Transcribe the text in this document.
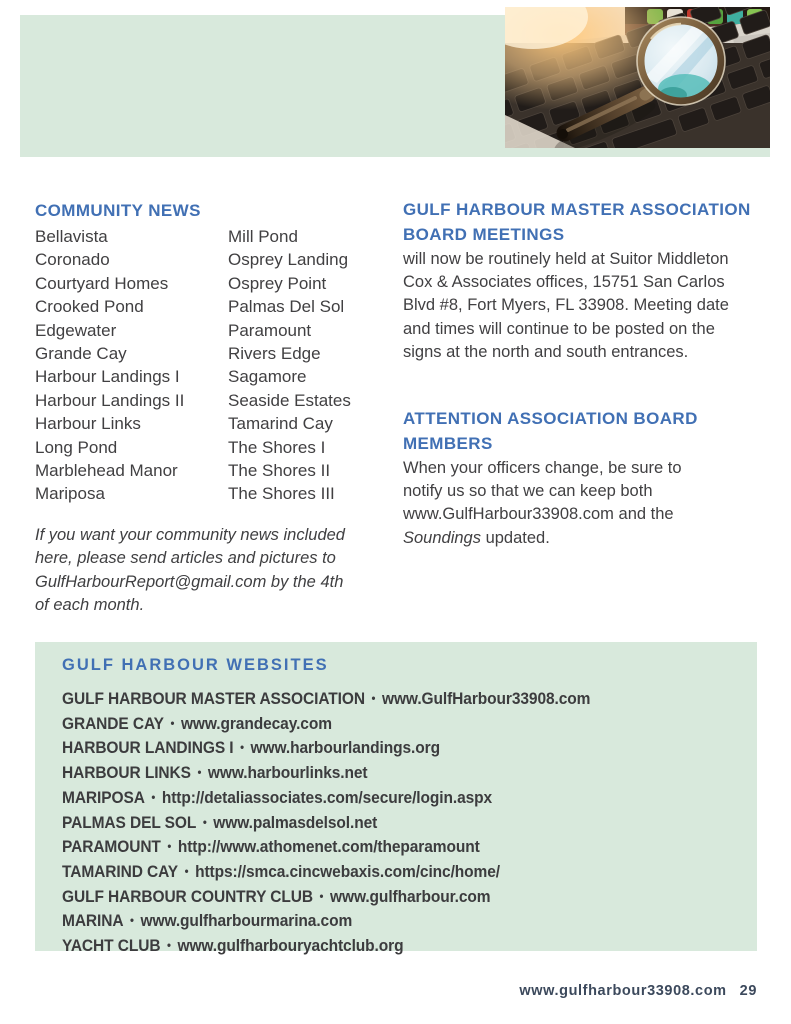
COMMUNITY NEWS
Bellavista
Coronado
Courtyard Homes
Crooked Pond
Edgewater
Grande Cay
Harbour Landings I
Harbour Landings II
Harbour Links
Long Pond
Marblehead Manor
Mariposa
Mill Pond
Osprey Landing
Osprey Point
Palmas Del Sol
Paramount
Rivers Edge
Sagamore
Seaside Estates
Tamarind Cay
The Shores I
The Shores II
The Shores III
If you want your community news included
here, please send articles and pictures to
GulfHarbourReport@gmail.com by the 4th
of each month.
GULF HARBOUR MASTER ASSOCIATION
BOARD MEETINGS
will now be routinely held at Suitor Middleton
Cox & Associates offices, 15751 San Carlos
Blvd #8, Fort Myers, FL 33908. Meeting date
and times will continue to be posted on the
signs at the north and south entrances.
ATTENTION ASSOCIATION BOARD
MEMBERS
When your officers change, be sure to
notify us so that we can keep both
www.GulfHarbour33908.com and the
Soundings updated.
GULF HARBOUR WEBSITES
GULF HARBOUR MASTER ASSOCIATION • www.GulfHarbour33908.com
GRANDE CAY • www.grandecay.com
HARBOUR LANDINGS I • www.harbourlandings.org
HARBOUR LINKS • www.harbourlinks.net
MARIPOSA • http://detaliassociates.com/secure/login.aspx
PALMAS DEL SOL • www.palmasdelsol.net
PARAMOUNT • http://www.athomenet.com/theparamount
TAMARIND CAY • https://smca.cincwebaxis.com/cinc/home/
GULF HARBOUR COUNTRY CLUB • www.gulfharbour.com
MARINA • www.gulfharbourmarina.com
YACHT CLUB • www.gulfharbouryachtclub.org
www.gulfharbour33908.com 29
